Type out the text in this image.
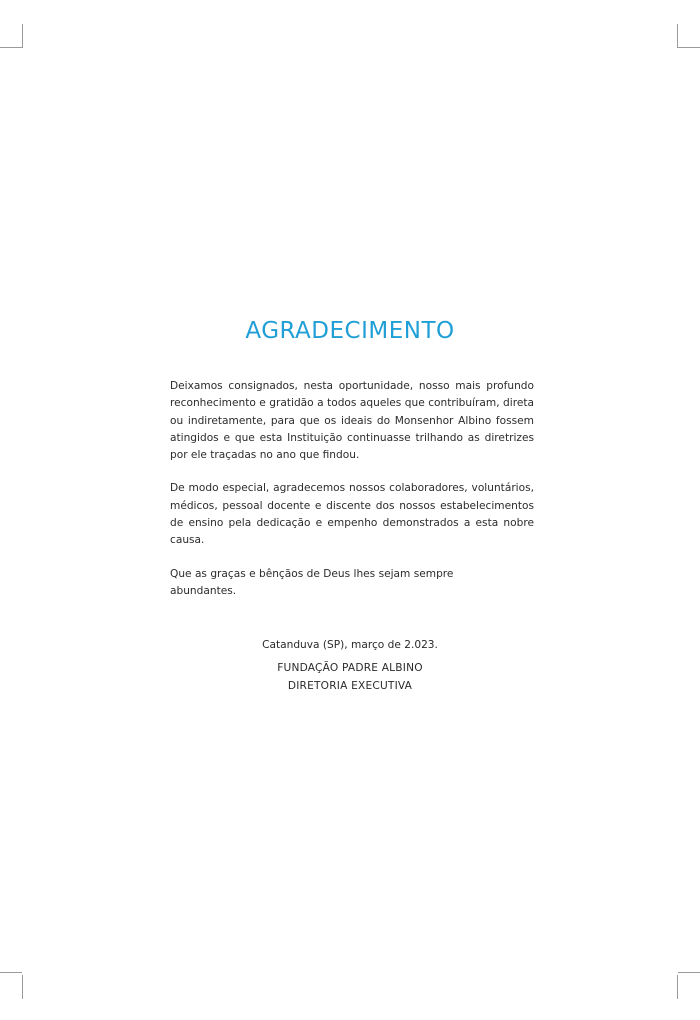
AGRADECIMENTO

Deixamos consignados, nesta oportunidade, nosso mais profundo reconhecimento e gratidão a todos aqueles que contribuíram, direta ou indiretamente, para que os ideais do Monsenhor Albino fossem atingidos e que esta Instituição continuasse trilhando as diretrizes por ele traçadas no ano que findou.

De modo especial, agradecemos nossos colaboradores, voluntários, médicos, pessoal docente e discente dos nossos estabelecimentos de ensino pela dedicação e empenho demonstrados a esta nobre causa.

Que as graças e bênçãos de Deus lhes sejam sempre abundantes.

Catanduva (SP), março de 2.023.
FUNDAÇÃO PADRE ALBINO
DIRETORIA EXECUTIVA
